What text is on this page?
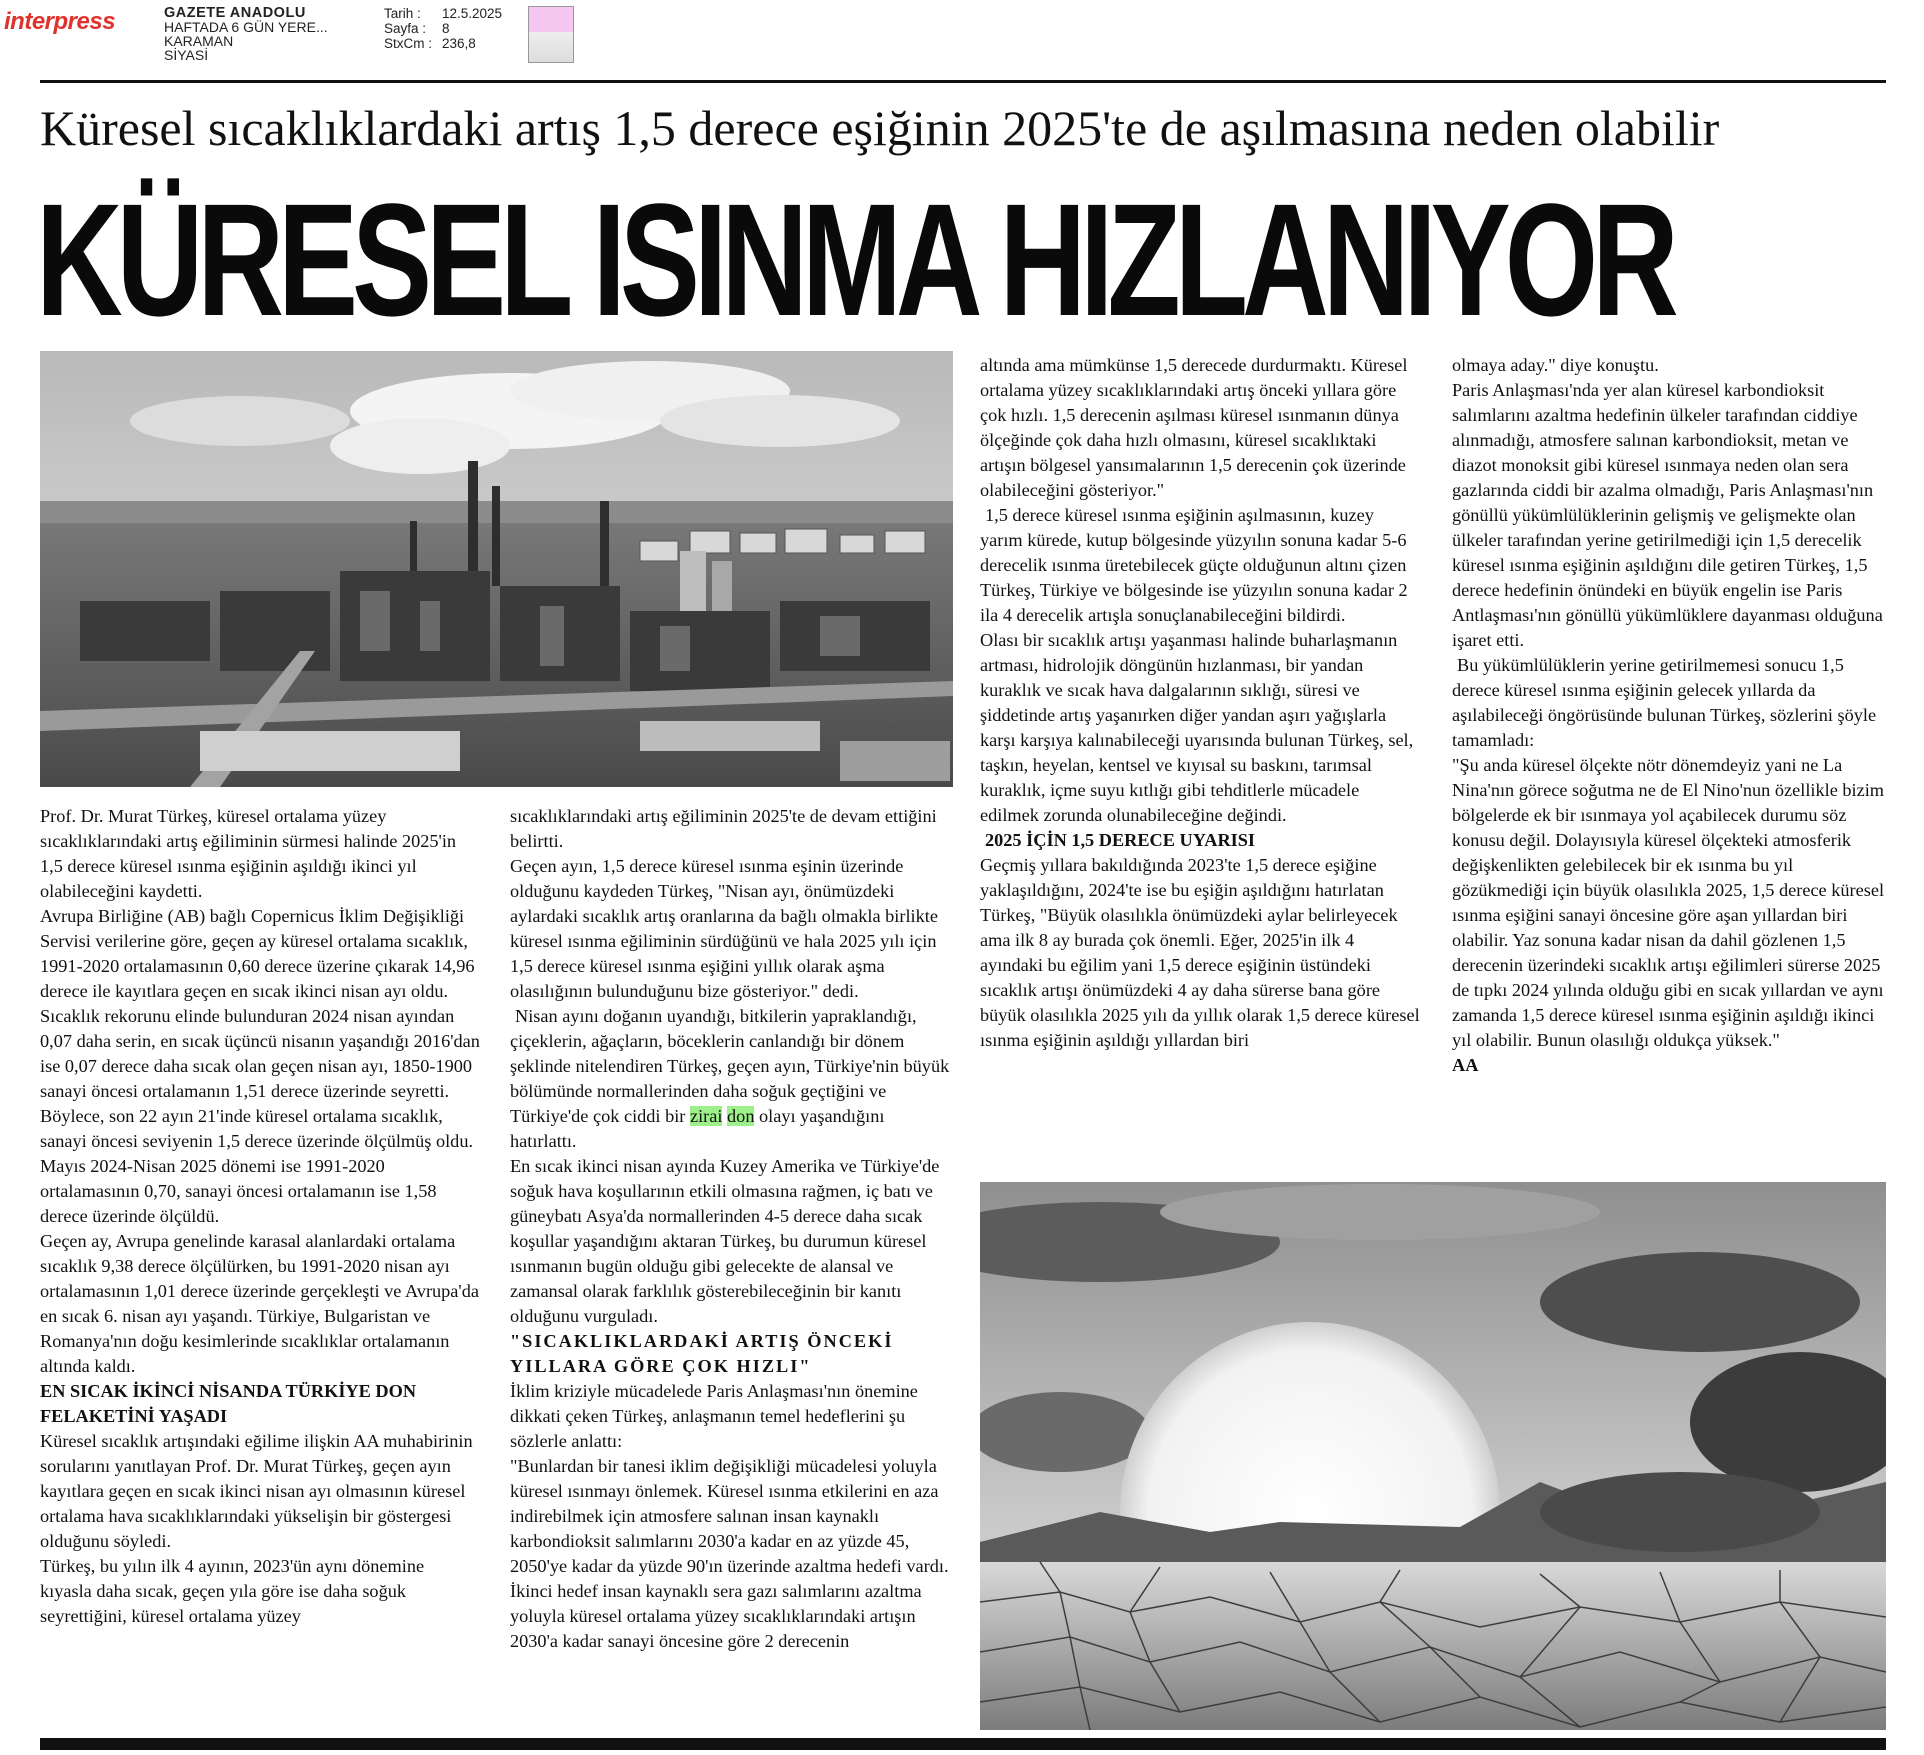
interpress	GAZETE ANADOLU
HAFTADA 6 GÜN YERE...
KARAMAN
SİYASİ
Tarih : 12.5.2025
Sayfa : 8
StxCm : 236,8
Küresel sıcaklıklardaki artış 1,5 derece eşiğinin 2025'te de aşılmasına neden olabilir
KÜRESEL ISINMA HIZLANIYOR

Prof. Dr. Murat Türkeş, küresel ortalama yüzey sıcaklıklarındaki artış eğiliminin sürmesi halinde 2025'in 1,5 derece küresel ısınma eşiğinin aşıldığı ikinci yıl olabileceğini kaydetti.

Avrupa Birliğine (AB) bağlı Copernicus İklim Değişikliği Servisi verilerine göre, geçen ay küresel ortalama sıcaklık, 1991-2020 ortalamasının 0,60 derece üzerine çıkarak 14,96 derece ile kayıtlara geçen en sıcak ikinci nisan ayı oldu. Sıcaklık rekorunu elinde bulunduran 2024 nisan ayından 0,07 daha serin, en sıcak üçüncü nisanın yaşandığı 2016'dan ise 0,07 derece daha sıcak olan geçen nisan ayı, 1850-1900 sanayi öncesi ortalamanın 1,51 derece üzerinde seyretti.

Böylece, son 22 ayın 21'inde küresel ortalama sıcaklık, sanayi öncesi seviyenin 1,5 derece üzerinde ölçülmüş oldu. Mayıs 2024-Nisan 2025 dönemi ise 1991-2020 ortalamasının 0,70, sanayi öncesi ortalamanın ise 1,58 derece üzerinde ölçüldü.

Geçen ay, Avrupa genelinde karasal alanlardaki ortalama sıcaklık 9,38 derece ölçülürken, bu 1991-2020 nisan ayı ortalamasının 1,01 derece üzerinde gerçekleşti ve Avrupa'da en sıcak 6. nisan ayı yaşandı. Türkiye, Bulgaristan ve Romanya'nın doğu kesimlerinde sıcaklıklar ortalamanın altında kaldı.

EN SICAK İKİNCİ NİSANDA TÜRKİYE DON FELAKETİNİ YAŞADI

Küresel sıcaklık artışındaki eğilime ilişkin AA muhabirinin sorularını yanıtlayan Prof. Dr. Murat Türkeş, geçen ayın kayıtlara geçen en sıcak ikinci nisan ayı olmasının küresel ortalama hava sıcaklıklarındaki yükselişin bir göstergesi olduğunu söyledi.

Türkeş, bu yılın ilk 4 ayının, 2023'ün aynı dönemine kıyasla daha sıcak, geçen yıla göre ise daha soğuk seyrettiğini, küresel ortalama yüzey

sıcaklıklarındaki artış eğiliminin 2025'te de devam ettiğini belirtti.

Geçen ayın, 1,5 derece küresel ısınma eşinin üzerinde olduğunu kaydeden Türkeş, "Nisan ayı, önümüzdeki aylardaki sıcaklık artış oranlarına da bağlı olmakla birlikte küresel ısınma eğiliminin sürdüğünü ve hala 2025 yılı için 1,5 derece küresel ısınma eşiğini yıllık olarak aşma olasılığının bulunduğunu bize gösteriyor." dedi.

Nisan ayını doğanın uyandığı, bitkilerin yapraklandığı, çiçeklerin, ağaçların, böceklerin canlandığı bir dönem şeklinde nitelendiren Türkeş, geçen ayın, Türkiye'nin büyük bölümünde normallerinden daha soğuk geçtiğini ve Türkiye'de çok ciddi bir zirai don olayı yaşandığını hatırlattı.

En sıcak ikinci nisan ayında Kuzey Amerika ve Türkiye'de soğuk hava koşullarının etkili olmasına rağmen, iç batı ve güneybatı Asya'da normallerinden 4-5 derece daha sıcak koşullar yaşandığını aktaran Türkeş, bu durumun küresel ısınmanın bugün olduğu gibi gelecekte de alansal ve zamansal olarak farklılık gösterebileceğinin bir kanıtı olduğunu vurguladı.

"SICAKLIKLARDAKİ ARTIŞ ÖNCEKİ YILLARA GÖRE ÇOK HIZLI"

İklim kriziyle mücadelede Paris Anlaşması'nın önemine dikkati çeken Türkeş, anlaşmanın temel hedeflerini şu sözlerle anlattı:

"Bunlardan bir tanesi iklim değişikliği mücadelesi yoluyla küresel ısınmayı önlemek. Küresel ısınma etkilerini en aza indirebilmek için atmosfere salınan insan kaynaklı karbondioksit salımlarını 2030'a kadar en az yüzde 45, 2050'ye kadar da yüzde 90'ın üzerinde azaltma hedefi vardı. İkinci hedef insan kaynaklı sera gazı salımlarını azaltma yoluyla küresel ortalama yüzey sıcaklıklarındaki artışın 2030'a kadar sanayi öncesine göre 2 derecenin

altında ama mümkünse 1,5 derecede durdurmaktı. Küresel ortalama yüzey sıcaklıklarındaki artış önceki yıllara göre çok hızlı. 1,5 derecenin aşılması küresel ısınmanın dünya ölçeğinde çok daha hızlı olmasını, küresel sıcaklıktaki artışın bölgesel yansımalarının 1,5 derecenin çok üzerinde olabileceğini gösteriyor."

1,5 derece küresel ısınma eşiğinin aşılmasının, kuzey yarım kürede, kutup bölgesinde yüzyılın sonuna kadar 5-6 derecelik ısınma üretebilecek güçte olduğunun altını çizen Türkeş, Türkiye ve bölgesinde ise yüzyılın sonuna kadar 2 ila 4 derecelik artışla sonuçlanabileceğini bildirdi.

Olası bir sıcaklık artışı yaşanması halinde buharlaşmanın artması, hidrolojik döngünün hızlanması, bir yandan kuraklık ve sıcak hava dalgalarının sıklığı, süresi ve şiddetinde artış yaşanırken diğer yandan aşırı yağışlarla karşı karşıya kalınabileceği uyarısında bulunan Türkeş, sel, taşkın, heyelan, kentsel ve kıyısal su baskını, tarımsal kuraklık, içme suyu kıtlığı gibi tehditlerle mücadele edilmek zorunda olunabileceğine değindi.

2025 İÇİN 1,5 DERECE UYARISI

Geçmiş yıllara bakıldığında 2023'te 1,5 derece eşiğine yaklaşıldığını, 2024'te ise bu eşiğin aşıldığını hatırlatan Türkeş, "Büyük olasılıkla önümüzdeki aylar belirleyecek ama ilk 8 ay burada çok önemli. Eğer, 2025'in ilk 4 ayındaki bu eğilim yani 1,5 derece eşiğinin üstündeki sıcaklık artışı önümüzdeki 4 ay daha sürerse bana göre büyük olasılıkla 2025 yılı da yıllık olarak 1,5 derece küresel ısınma eşiğinin aşıldığı yıllardan biri

olmaya aday." diye konuştu.

Paris Anlaşması'nda yer alan küresel karbondioksit salımlarını azaltma hedefinin ülkeler tarafından ciddiye alınmadığı, atmosfere salınan karbondioksit, metan ve diazot monoksit gibi küresel ısınmaya neden olan sera gazlarında ciddi bir azalma olmadığı, Paris Anlaşması'nın gönüllü yükümlülüklerinin gelişmiş ve gelişmekte olan ülkeler tarafından yerine getirilmediği için 1,5 derecelik küresel ısınma eşiğinin aşıldığını dile getiren Türkeş, 1,5 derece hedefinin önündeki en büyük engelin ise Paris Antlaşması'nın gönüllü yükümlüklere dayanması olduğuna işaret etti.

Bu yükümlülüklerin yerine getirilmemesi sonucu 1,5 derece küresel ısınma eşiğinin gelecek yıllarda da aşılabileceği öngörüsünde bulunan Türkeş, sözlerini şöyle tamamladı:

"Şu anda küresel ölçekte nötr dönemdeyiz yani ne La Nina'nın görece soğutma ne de El Nino'nun özellikle bizim bölgelerde ek bir ısınmaya yol açabilecek durumu söz konusu değil. Dolayısıyla küresel ölçekteki atmosferik değişkenlikten gelebilecek bir ek ısınma bu yıl gözükmediği için büyük olasılıkla 2025, 1,5 derece küresel ısınma eşiğini sanayi öncesine göre aşan yıllardan biri olabilir. Yaz sonuna kadar nisan da dahil gözlenen 1,5 derecenin üzerindeki sıcaklık artışı eğilimleri sürerse 2025 de tıpkı 2024 yılında olduğu gibi en sıcak yıllardan ve aynı zamanda 1,5 derece küresel ısınma eşiğinin aşıldığı ikinci yıl olabilir. Bunun olasılığı oldukça yüksek."

AA
